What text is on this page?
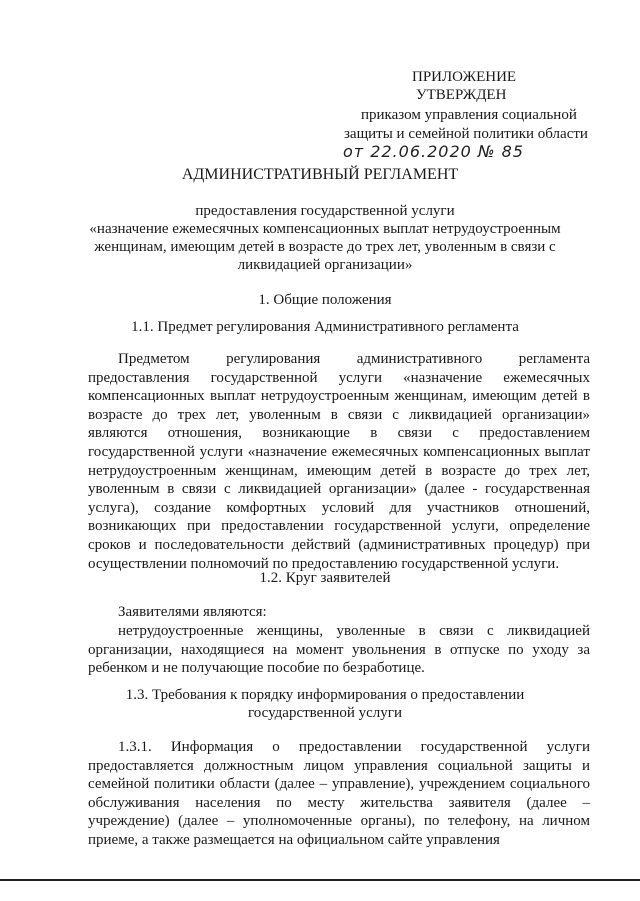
ПРИЛОЖЕНИЕ
УТВЕРЖДЕН
приказом управления социальной
защиты и семейной политики области
от 22.06.2020 № 85
АДМИНИСТРАТИВНЫЙ РЕГЛАМЕНТ
предоставления государственной услуги
«назначение ежемесячных компенсационных выплат нетрудоустроенным
женщинам, имеющим детей в возрасте до трех лет, уволенным в связи с
ликвидацией организации»
1. Общие положения
1.1. Предмет регулирования Административного регламента
Предметом регулирования административного регламента предоставления государственной услуги «назначение ежемесячных компенсационных выплат нетрудоустроенным женщинам, имеющим детей в возрасте до трех лет, уволенным в связи с ликвидацией организации» являются отношения, возникающие в связи с предоставлением государственной услуги «назначение ежемесячных компенсационных выплат нетрудоустроенным женщинам, имеющим детей в возрасте до трех лет, уволенным в связи с ликвидацией организации» (далее - государственная услуга), создание комфортных условий для участников отношений, возникающих при предоставлении государственной услуги, определение сроков и последовательности действий (административных процедур) при осуществлении полномочий по предоставлению государственной услуги.
1.2. Круг заявителей
Заявителями являются:
нетрудоустроенные женщины, уволенные в связи с ликвидацией организации, находящиеся на момент увольнения в отпуске по уходу за ребенком и не получающие пособие по безработице.
1.3. Требования к порядку информирования о предоставлении
государственной услуги
1.3.1. Информация о предоставлении государственной услуги предоставляется должностным лицом управления социальной защиты и семейной политики области (далее – управление), учреждением социального обслуживания населения по месту жительства заявителя (далее – учреждение) (далее – уполномоченные органы), по телефону, на личном приеме, а также размещается на официальном сайте управления
